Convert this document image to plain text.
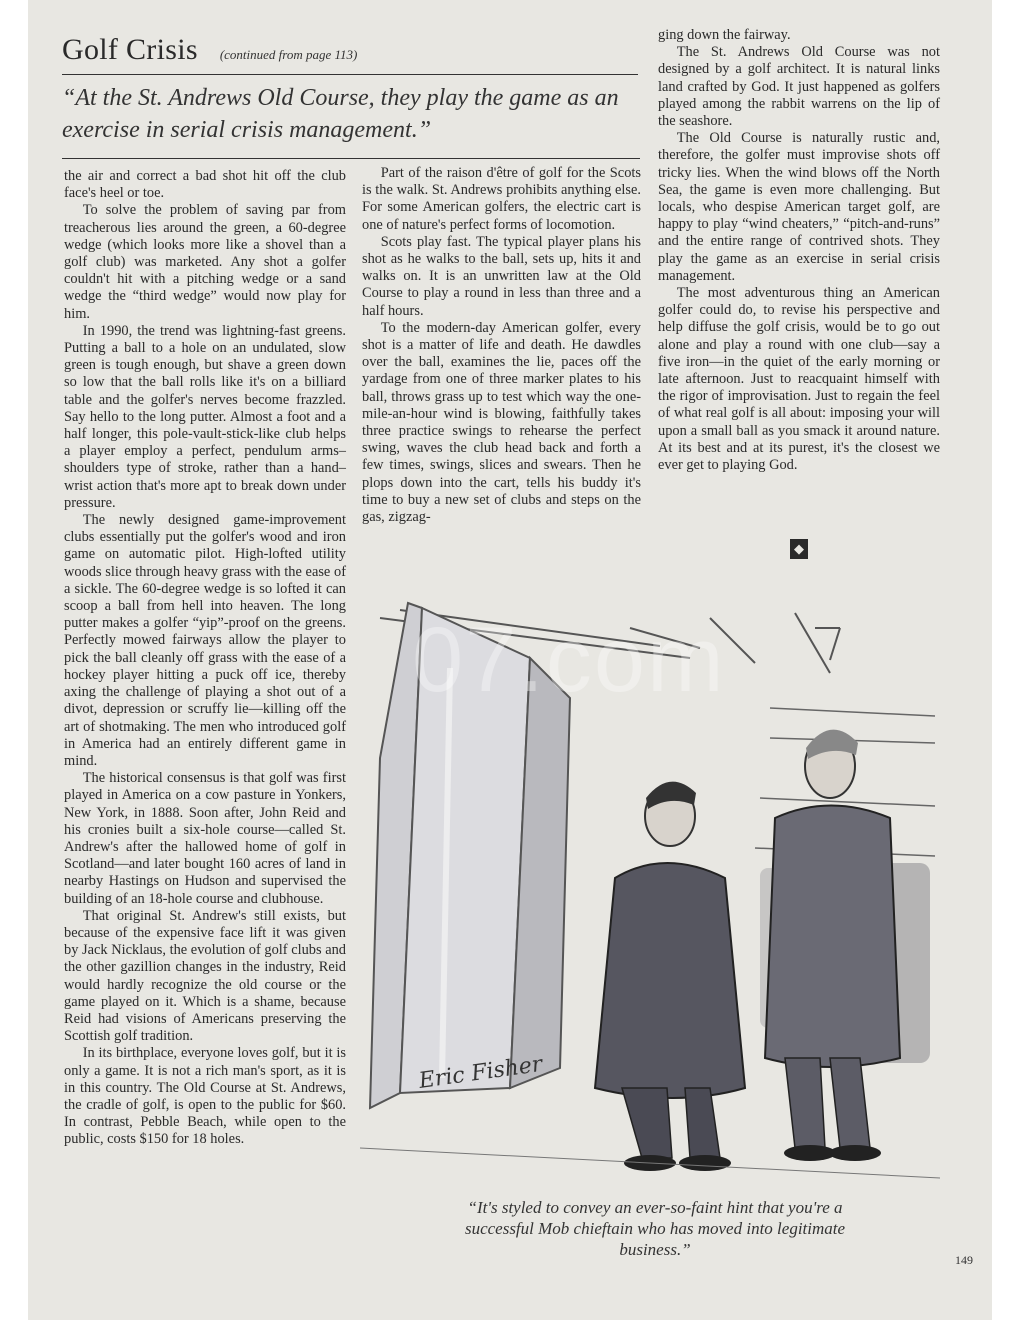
Golf Crisis (continued from page 113)

“At the St. Andrews Old Course, they play the game as an exercise in serial crisis management.”

the air and correct a bad shot hit off the club face's heel or toe.

To solve the problem of saving par from treacherous lies around the green, a 60-degree wedge (which looks more like a shovel than a golf club) was marketed. Any shot a golfer couldn't hit with a pitching wedge or a sand wedge the “third wedge” would now play for him.

In 1990, the trend was lightning-fast greens. Putting a ball to a hole on an undulated, slow green is tough enough, but shave a green down so low that the ball rolls like it's on a billiard table and the golfer's nerves become frazzled. Say hello to the long putter. Almost a foot and a half longer, this pole-vault-stick-like club helps a player employ a perfect, pendulum arms–shoulders type of stroke, rather than a hand–wrist action that's more apt to break down under pressure.

The newly designed game-improvement clubs essentially put the golfer's wood and iron game on automatic pilot. High-lofted utility woods slice through heavy grass with the ease of a sickle. The 60-degree wedge is so lofted it can scoop a ball from hell into heaven. The long putter makes a golfer “yip”-proof on the greens. Perfectly mowed fairways allow the player to pick the ball cleanly off grass with the ease of a hockey player hitting a puck off ice, thereby axing the challenge of playing a shot out of a divot, depression or scruffy lie—killing off the art of shotmaking. The men who introduced golf in America had an entirely different game in mind.

The historical consensus is that golf was first played in America on a cow pasture in Yonkers, New York, in 1888. Soon after, John Reid and his cronies built a six-hole course—called St. Andrew's after the hallowed home of golf in Scotland—and later bought 160 acres of land in nearby Hastings on Hudson and supervised the building of an 18-hole course and clubhouse.

That original St. Andrew's still exists, but because of the expensive face lift it was given by Jack Nicklaus, the evolution of golf clubs and the other gazillion changes in the industry, Reid would hardly recognize the old course or the game played on it. Which is a shame, because Reid had visions of Americans preserving the Scottish golf tradition.

In its birthplace, everyone loves golf, but it is only a game. It is not a rich man's sport, as it is in this country. The Old Course at St. Andrews, the cradle of golf, is open to the public for $60. In contrast, Pebble Beach, while open to the public, costs $150 for 18 holes.

Part of the raison d'être of golf for the Scots is the walk. St. Andrews prohibits anything else. For some American golfers, the electric cart is one of nature's perfect forms of locomotion.

Scots play fast. The typical player plans his shot as he walks to the ball, sets up, hits it and walks on. It is an unwritten law at the Old Course to play a round in less than three and a half hours.

To the modern-day American golfer, every shot is a matter of life and death. He dawdles over the ball, examines the lie, paces off the yardage from one of three marker plates to his ball, throws grass up to test which way the one-mile-an-hour wind is blowing, faithfully takes three practice swings to rehearse the perfect swing, waves the club head back and forth a few times, swings, slices and swears. Then he plops down into the cart, tells his buddy it's time to buy a new set of clubs and steps on the gas, zigzag-

ging down the fairway.

The St. Andrews Old Course was not designed by a golf architect. It is natural links land crafted by God. It just happened as golfers played among the rabbit warrens on the lip of the seashore.

The Old Course is naturally rustic and, therefore, the golfer must improvise shots off tricky lies. When the wind blows off the North Sea, the game is even more challenging. But locals, who despise American target golf, are happy to play “wind cheaters,” “pitch-and-runs” and the entire range of contrived shots. They play the game as an exercise in serial crisis management.

The most adventurous thing an American golfer could do, to revise his perspective and help diffuse the golf crisis, would be to go out alone and play a round with one club—say a five iron—in the quiet of the early morning or late afternoon. Just to reacquaint himself with the rigor of improvisation. Just to regain the feel of what real golf is all about: imposing your will upon a small ball as you smack it around nature. At its best and at its purest, it's the closest we ever get to playing God.

◆
Eric Fisher
07.com

“It's styled to convey an ever-so-faint hint that you're a successful Mob chieftain who has moved into legitimate business.”

149
